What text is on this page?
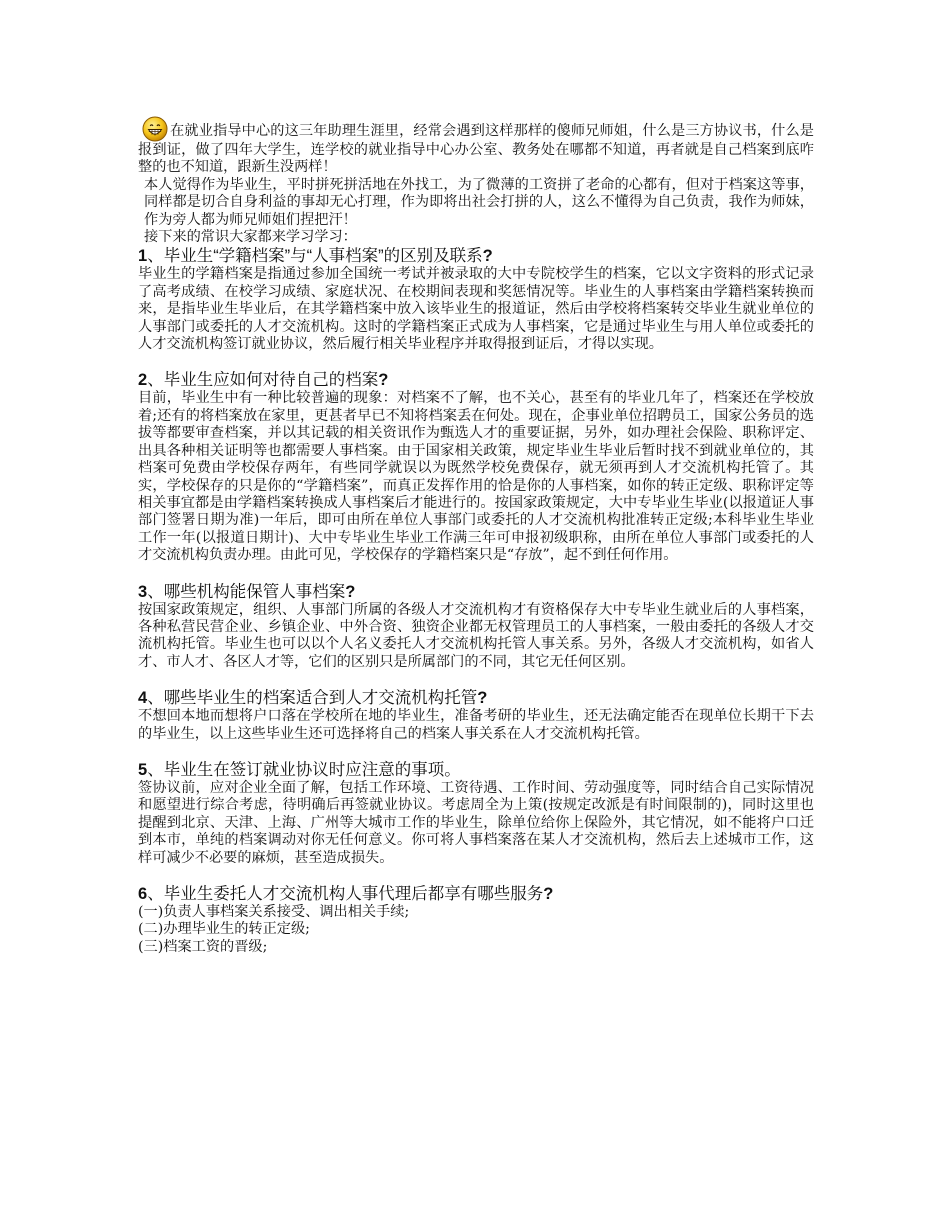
在就业指导中心的这三年助理生涯里，经常会遇到这样那样的傻师兄师姐，什么是三方协议书，什么是报到证，做了四年大学生，连学校的就业指导中心办公室、教务处在哪都不知道，再者就是自己档案到底咋整的也不知道，跟新生没两样！

本人觉得作为毕业生，平时拼死拼活地在外找工，为了微薄的工资拼了老命的心都有，但对于档案这等事，同样都是切合自身利益的事却无心打理，作为即将出社会打拼的人，这么不懂得为自己负责，我作为师妹，作为旁人都为师兄师姐们捏把汗！

接下来的常识大家都来学习学习：

1、毕业生“学籍档案”与“人事档案”的区别及联系?

毕业生的学籍档案是指通过参加全国统一考试并被录取的大中专院校学生的档案，它以文字资料的形式记录了高考成绩、在校学习成绩、家庭状况、在校期间表现和奖惩情况等。毕业生的人事档案由学籍档案转换而来，是指毕业生毕业后，在其学籍档案中放入该毕业生的报道证，然后由学校将档案转交毕业生就业单位的人事部门或委托的人才交流机构。这时的学籍档案正式成为人事档案，它是通过毕业生与用人单位或委托的人才交流机构签订就业协议，然后履行相关毕业程序并取得报到证后，才得以实现。

2、毕业生应如何对待自己的档案?

目前，毕业生中有一种比较普遍的现象：对档案不了解，也不关心，甚至有的毕业几年了，档案还在学校放着;还有的将档案放在家里，更甚者早已不知将档案丢在何处。现在，企事业单位招聘员工，国家公务员的选拔等都要审查档案，并以其记载的相关资讯作为甄选人才的重要证据，另外，如办理社会保险、职称评定、出具各种相关证明等也都需要人事档案。由于国家相关政策，规定毕业生毕业后暂时找不到就业单位的，其档案可免费由学校保存两年，有些同学就误以为既然学校免费保存，就无须再到人才交流机构托管了。其实，学校保存的只是你的“学籍档案”，而真正发挥作用的恰是你的人事档案，如你的转正定级、职称评定等相关事宜都是由学籍档案转换成人事档案后才能进行的。按国家政策规定，大中专毕业生毕业(以报道证人事部门签署日期为准)一年后，即可由所在单位人事部门或委托的人才交流机构批准转正定级;本科毕业生毕业工作一年(以报道日期计)、大中专毕业生毕业工作满三年可申报初级职称，由所在单位人事部门或委托的人才交流机构负责办理。由此可见，学校保存的学籍档案只是“存放”，起不到任何作用。

3、哪些机构能保管人事档案?

按国家政策规定，组织、人事部门所属的各级人才交流机构才有资格保存大中专毕业生就业后的人事档案，各种私营民营企业、乡镇企业、中外合资、独资企业都无权管理员工的人事档案，一般由委托的各级人才交流机构托管。毕业生也可以以个人名义委托人才交流机构托管人事关系。另外，各级人才交流机构，如省人才、市人才、各区人才等，它们的区别只是所属部门的不同，其它无任何区别。

4、哪些毕业生的档案适合到人才交流机构托管?

不想回本地而想将户口落在学校所在地的毕业生，准备考研的毕业生，还无法确定能否在现单位长期干下去的毕业生，以上这些毕业生还可选择将自己的档案人事关系在人才交流机构托管。

5、毕业生在签订就业协议时应注意的事项。

签协议前，应对企业全面了解，包括工作环境、工资待遇、工作时间、劳动强度等，同时结合自己实际情况和愿望进行综合考虑，待明确后再签就业协议。考虑周全为上策(按规定改派是有时间限制的)，同时这里也提醒到北京、天津、上海、广州等大城市工作的毕业生，除单位给你上保险外，其它情况，如不能将户口迁到本市，单纯的档案调动对你无任何意义。你可将人事档案落在某人才交流机构，然后去上述城市工作，这样可减少不必要的麻烦，甚至造成损失。

6、毕业生委托人才交流机构人事代理后都享有哪些服务?

(一)负责人事档案关系接受、调出相关手续;

(二)办理毕业生的转正定级;

(三)档案工资的晋级;
